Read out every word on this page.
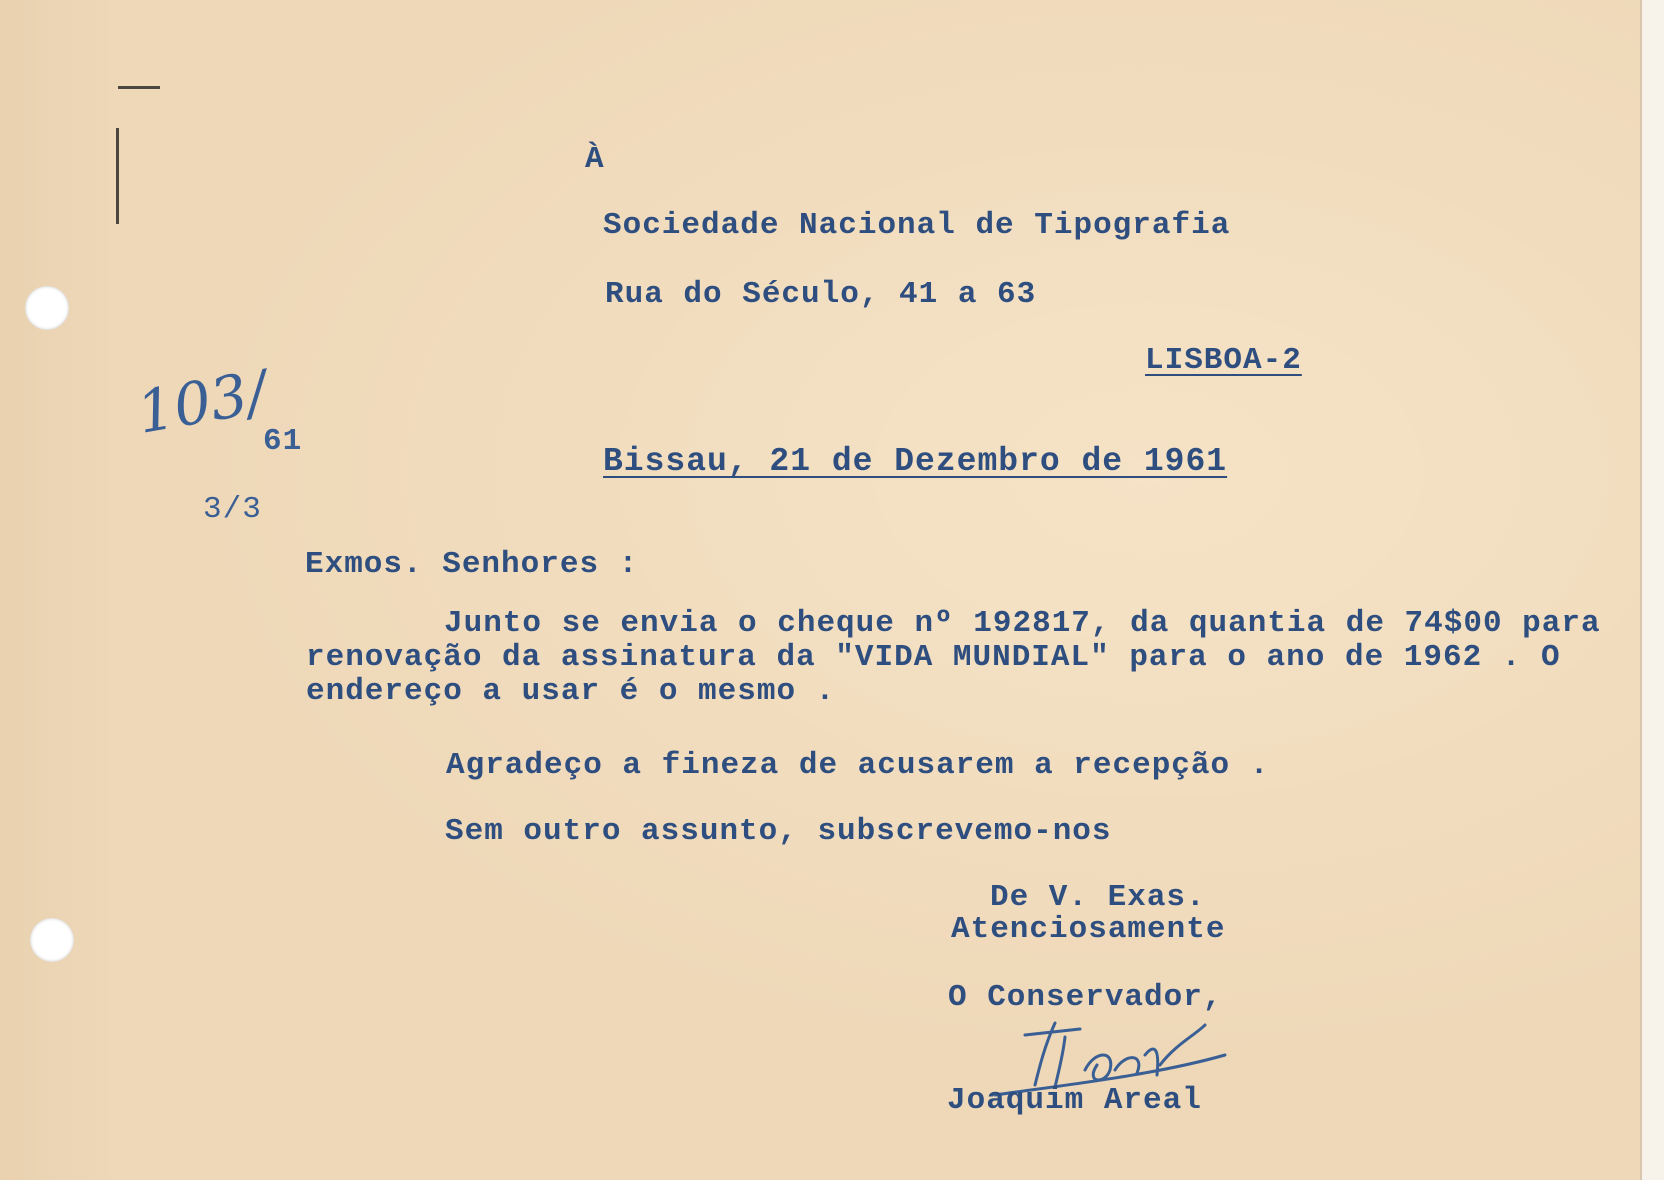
À
Sociedade Nacional de Tipografia
Rua do Século, 41 a 63
LISBOA-2
103/
61
3/3
Bissau, 21 de Dezembro de 1961
Exmos. Senhores :

Junto se envia o cheque nº 192817, da quantia de 74$00 para renovação da assinatura da "VIDA MUNDIAL" para o ano de 1962 . O endereço a usar é o mesmo .

Agradeço a fineza de acusarem a recepção .
Sem outro assunto, subscrevemo-nos
De V. Exas.
Atenciosamente
O Conservador,
Joaquim Areal
